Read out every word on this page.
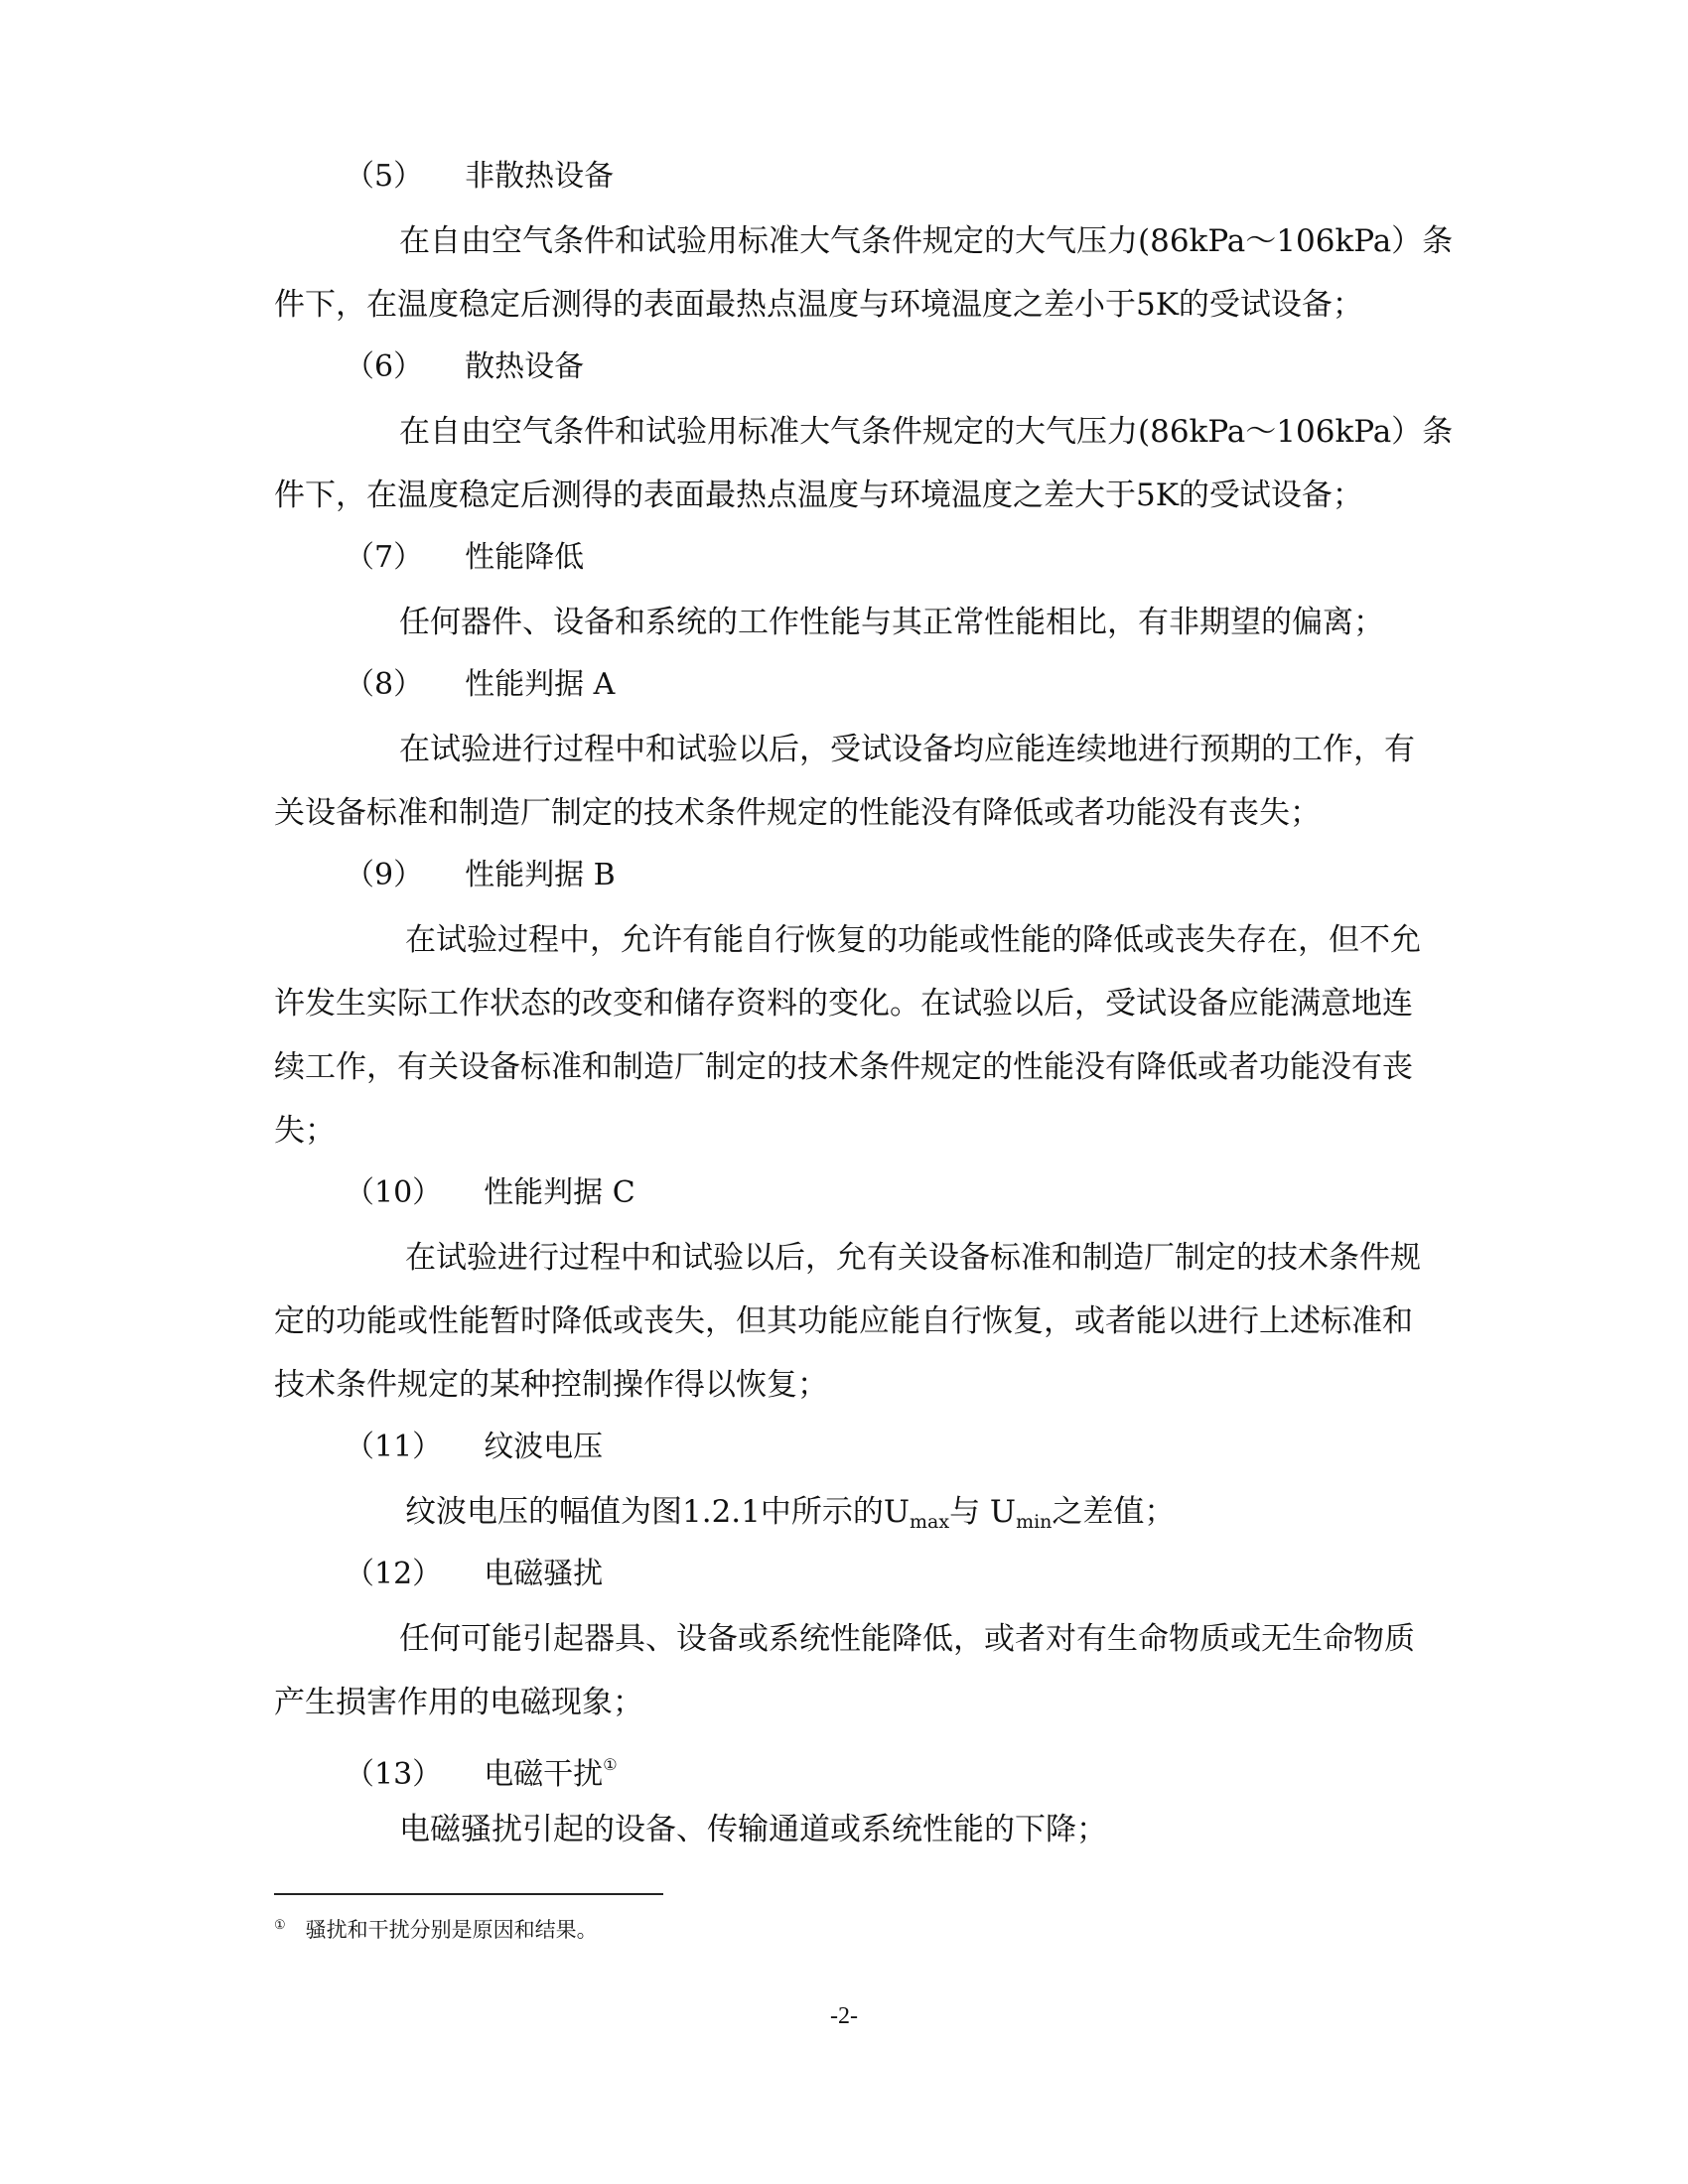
（5） 非散热设备
在自由空气条件和试验用标准大气条件规定的大气压力(86kPa～106kPa）条
件下，在温度稳定后测得的表面最热点温度与环境温度之差小于5K的受试设备；
（6） 散热设备
在自由空气条件和试验用标准大气条件规定的大气压力(86kPa～106kPa）条
件下，在温度稳定后测得的表面最热点温度与环境温度之差大于5K的受试设备；
（7） 性能降低
任何器件、设备和系统的工作性能与其正常性能相比，有非期望的偏离；
（8） 性能判据 A
在试验进行过程中和试验以后，受试设备均应能连续地进行预期的工作，有
关设备标准和制造厂制定的技术条件规定的性能没有降低或者功能没有丧失；
（9） 性能判据 B
在试验过程中，允许有能自行恢复的功能或性能的降低或丧失存在，但不允
许发生实际工作状态的改变和储存资料的变化。在试验以后，受试设备应能满意地连
续工作，有关设备标准和制造厂制定的技术条件规定的性能没有降低或者功能没有丧
失；
（10） 性能判据 C
在试验进行过程中和试验以后，允有关设备标准和制造厂制定的技术条件规
定的功能或性能暂时降低或丧失，但其功能应能自行恢复，或者能以进行上述标准和
技术条件规定的某种控制操作得以恢复；
（11） 纹波电压
纹波电压的幅值为图1.2.1中所示的$U_{max}$与 $U_{min}$之差值；
（12） 电磁骚扰
任何可能引起器具、设备或系统性能降低，或者对有生命物质或无生命物质
产生损害作用的电磁现象；
（13） 电磁干扰①
电磁骚扰引起的设备、传输通道或系统性能的下降；
① 骚扰和干扰分别是原因和结果。
-2-
